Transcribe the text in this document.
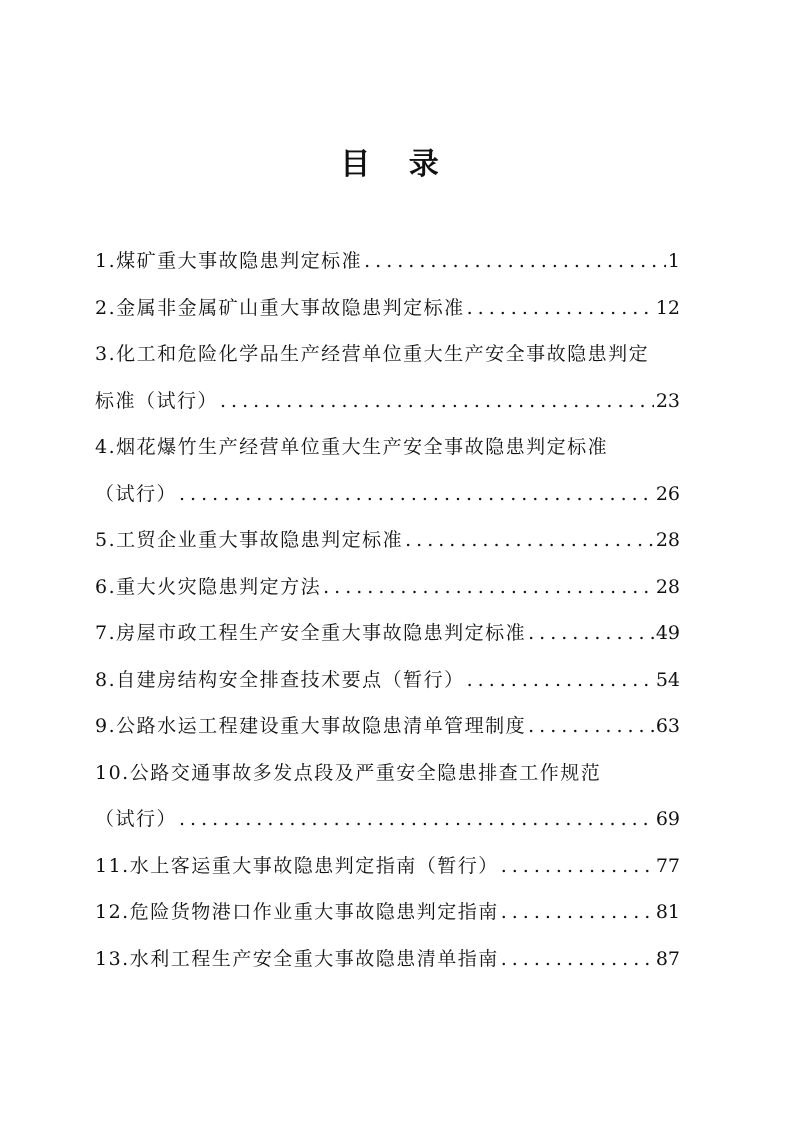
目 录
1.煤矿重大事故隐患判定标准 .....	1
2.金属非金属矿山重大事故隐患判定标准 .....	12
3.化工和危险化学品生产经营单位重大生产安全事故隐患判定
标准（试行） .....	23
4.烟花爆竹生产经营单位重大生产安全事故隐患判定标准
（试行） .....	26
5.工贸企业重大事故隐患判定标准 .....	28
6.重大火灾隐患判定方法 .....	28
7.房屋市政工程生产安全重大事故隐患判定标准 .....	49
8.自建房结构安全排查技术要点（暂行） .....	54
9.公路水运工程建设重大事故隐患清单管理制度 .....	63
10.公路交通事故多发点段及严重安全隐患排查工作规范
（试行） .....	69
11.水上客运重大事故隐患判定指南（暂行） .....	77
12.危险货物港口作业重大事故隐患判定指南 .....	81
13.水利工程生产安全重大事故隐患清单指南 .....	87
